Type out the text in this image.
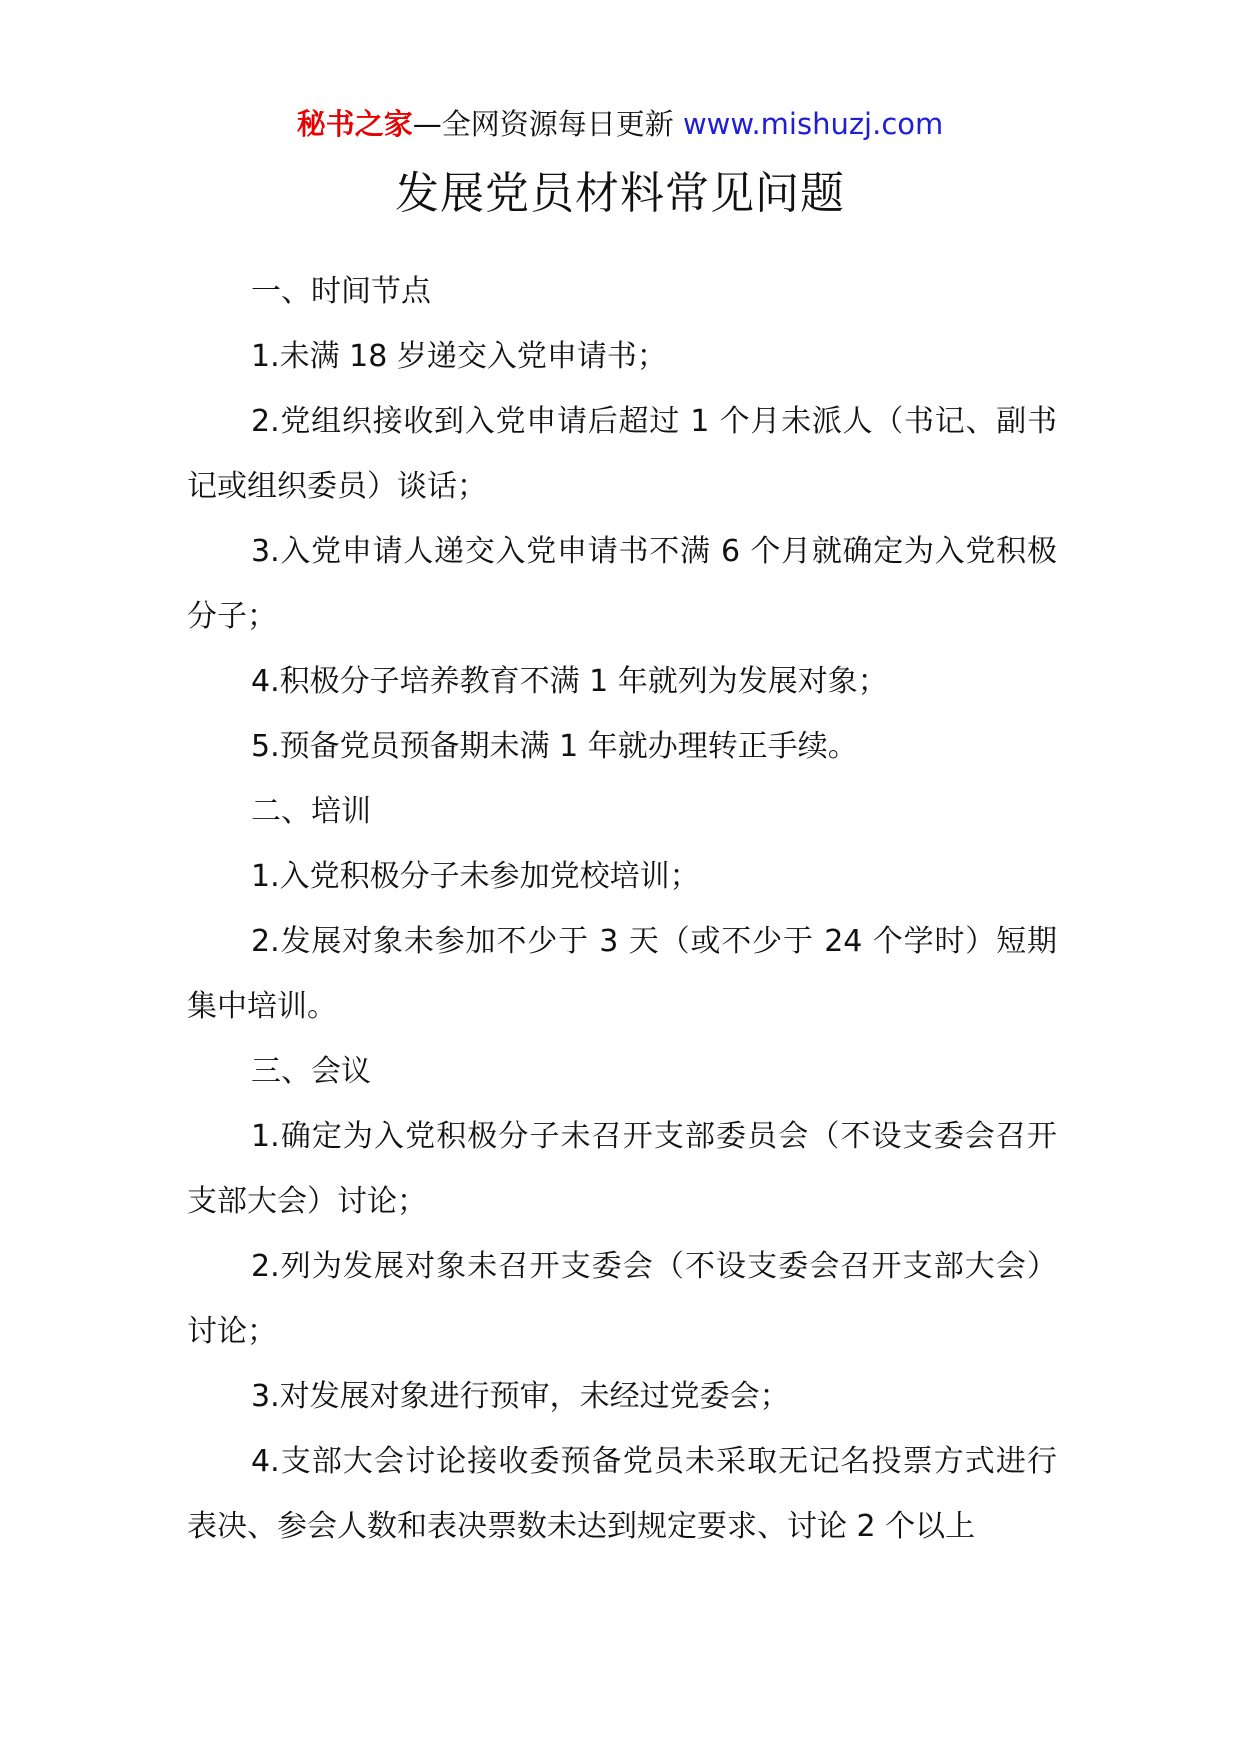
秘书之家—全网资源每日更新 www.mishuzj.com
发展党员材料常见问题

一、时间节点

1.未满 18 岁递交入党申请书；

2.党组织接收到入党申请后超过 1 个月未派人（书记、副书记或组织委员）谈话；

3.入党申请人递交入党申请书不满 6 个月就确定为入党积极分子；

4.积极分子培养教育不满 1 年就列为发展对象；

5.预备党员预备期未满 1 年就办理转正手续。

二、培训

1.入党积极分子未参加党校培训；

2.发展对象未参加不少于 3 天（或不少于 24 个学时）短期集中培训。

三、会议

1.确定为入党积极分子未召开支部委员会（不设支委会召开支部大会）讨论；

2.列为发展对象未召开支委会（不设支委会召开支部大会）讨论；

3.对发展对象进行预审，未经过党委会；

4.支部大会讨论接收委预备党员未采取无记名投票方式进行表决、参会人数和表决票数未达到规定要求、讨论 2 个以上
